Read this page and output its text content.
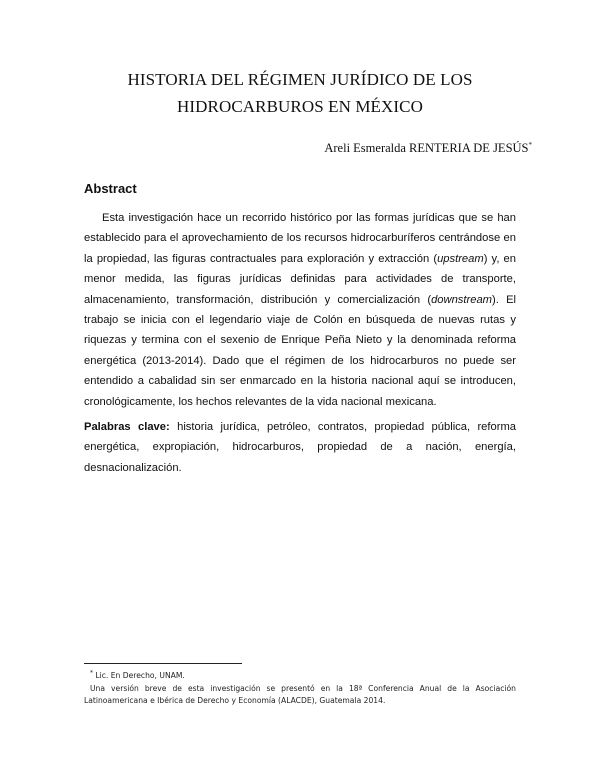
HISTORIA DEL RÉGIMEN JURÍDICO DE LOS
HIDROCARBUROS EN MÉXICO
Areli Esmeralda RENTERIA DE JESÚS*
Abstract

Esta investigación hace un recorrido histórico por las formas jurídicas que se han establecido para el aprovechamiento de los recursos hidrocarburíferos centrándose en la propiedad, las figuras contractuales para exploración y extracción (upstream) y, en menor medida, las figuras jurídicas definidas para actividades de transporte, almacenamiento, transformación, distribución y comercialización (downstream). El trabajo se inicia con el legendario viaje de Colón en búsqueda de nuevas rutas y riquezas y termina con el sexenio de Enrique Peña Nieto y la denominada reforma energética (2013-2014). Dado que el régimen de los hidrocarburos no puede ser entendido a cabalidad sin ser enmarcado en la historia nacional aquí se introducen, cronológicamente, los hechos relevantes de la vida nacional mexicana.

Palabras clave: historia jurídica, petróleo, contratos, propiedad pública, reforma energética, expropiación, hidrocarburos, propiedad de a nación, energía, desnacionalización.

* Lic. En Derecho, UNAM.

Una versión breve de esta investigación se presentó en la 18ª Conferencia Anual de la Asociación Latinoamericana e Ibérica de Derecho y Economía (ALACDE), Guatemala 2014.
